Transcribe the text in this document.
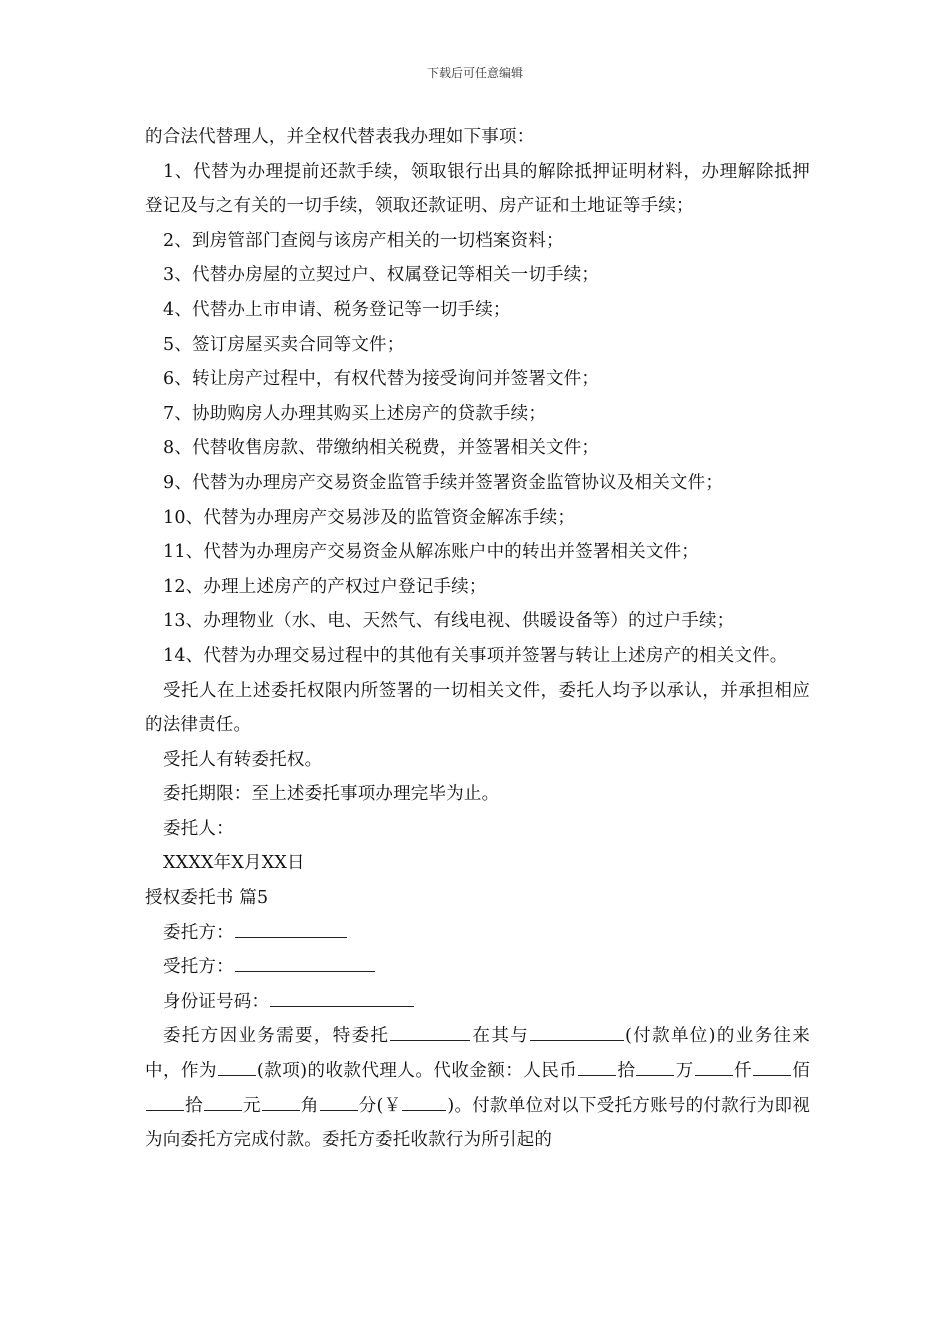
下载后可任意编辑

的合法代替理人，并全权代替表我办理如下事项：

1、代替为办理提前还款手续，领取银行出具的解除抵押证明材料，办理解除抵押登记及与之有关的一切手续，领取还款证明、房产证和土地证等手续；

2、到房管部门查阅与该房产相关的一切档案资料；

3、代替办房屋的立契过户、权属登记等相关一切手续；

4、代替办上市申请、税务登记等一切手续；

5、签订房屋买卖合同等文件；

6、转让房产过程中，有权代替为接受询问并签署文件；

7、协助购房人办理其购买上述房产的贷款手续；

8、代替收售房款、带缴纳相关税费，并签署相关文件；

9、代替为办理房产交易资金监管手续并签署资金监管协议及相关文件；

10、代替为办理房产交易涉及的监管资金解冻手续；

11、代替为办理房产交易资金从解冻账户中的转出并签署相关文件；

12、办理上述房产的产权过户登记手续；

13、办理物业（水、电、天然气、有线电视、供暖设备等）的过户手续；

14、代替为办理交易过程中的其他有关事项并签署与转让上述房产的相关文件。

受托人在上述委托权限内所签署的一切相关文件，委托人均予以承认，并承担相应的法律责任。

受托人有转委托权。

委托期限：至上述委托事项办理完毕为止。

委托人：

XXXX年X月XX日

授权委托书 篇5

委托方：

受托方：

身份证号码：

委托方因业务需要，特委托	在其与	(付款单位)的业务往来中，作为 (款项)的收款代理人。代收金额：人民币 拾 万 仟 佰拾 元 角 分(￥	)。付款单位对以下受托方账号的付款行为即视为向委托方完成付款。委托方委托收款行为所引起的
